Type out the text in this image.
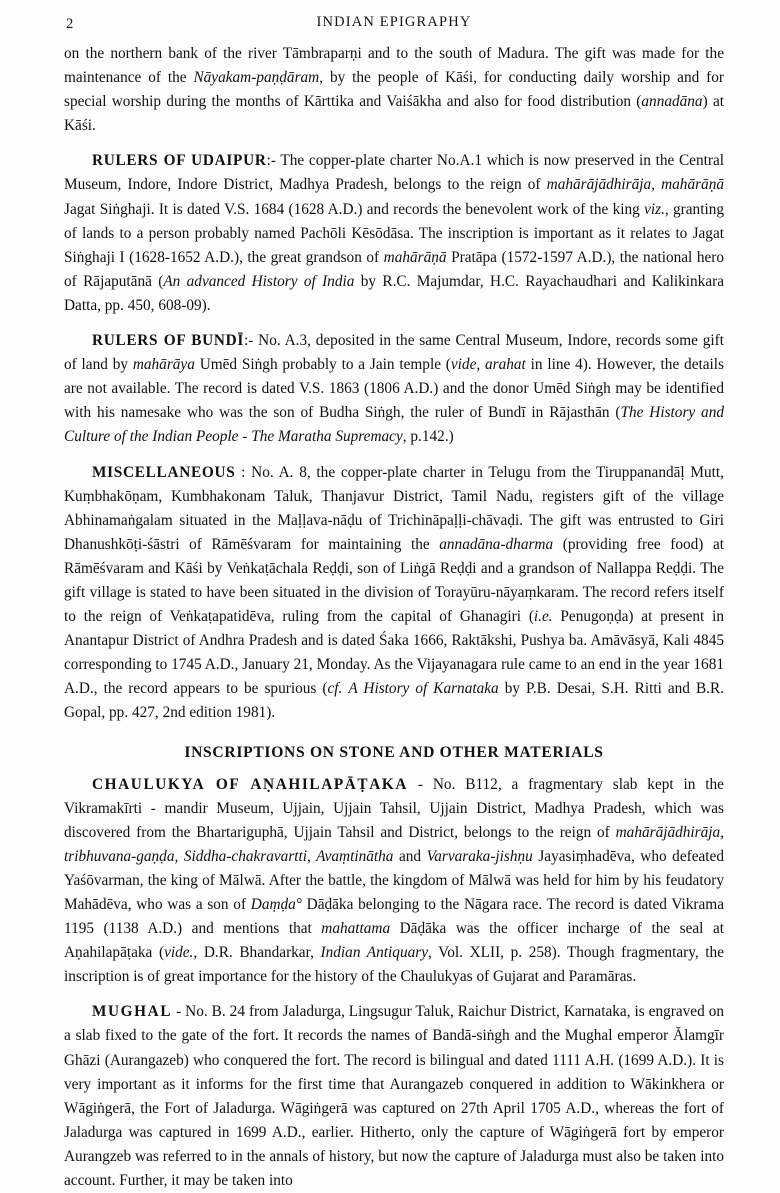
2	INDIAN EPIGRAPHY

on the northern bank of the river Tāmbraparṇi and to the south of Madura. The gift was made for the maintenance of the Nāyakam-paṇḍāram, by the people of Kāśi, for conducting daily worship and for special worship during the months of Kārttika and Vaiśākha and also for food distribution (annadāna) at Kāśi.

RULERS OF UDAIPUR:- The copper-plate charter No.A.1 which is now preserved in the Central Museum, Indore, Indore District, Madhya Pradesh, belongs to the reign of mahārājādhirāja, mahārāṇā Jagat Siṅghaji. It is dated V.S. 1684 (1628 A.D.) and records the benevolent work of the king viz., granting of lands to a person probably named Pachōli Kēsōdāsa. The inscription is important as it relates to Jagat Siṅghaji I (1628-1652 A.D.), the great grandson of mahārāṇā Pratāpa (1572-1597 A.D.), the national hero of Rājaputānā (An advanced History of India by R.C. Majumdar, H.C. Rayachaudhari and Kalikinkara Datta, pp. 450, 608-09).

RULERS OF BUNDĪ:- No. A.3, deposited in the same Central Museum, Indore, records some gift of land by mahārāya Umēd Siṅgh probably to a Jain temple (vide, arahat in line 4). However, the details are not available. The record is dated V.S. 1863 (1806 A.D.) and the donor Umēd Siṅgh may be identified with his namesake who was the son of Budha Siṅgh, the ruler of Bundī in Rājasthān (The History and Culture of the Indian People - The Maratha Supremacy, p.142.)

MISCELLANEOUS : No. A. 8, the copper-plate charter in Telugu from the Tiruppanandāḷ Mutt, Kuṃbhakōṇam, Kumbhakonam Taluk, Thanjavur District, Tamil Nadu, registers gift of the village Abhinamaṅgalam situated in the Maḷḷava-nāḍu of Trichināpaḷḷi-chāvaḍi. The gift was entrusted to Giri Dhanushkōṭi-śāstri of Rāmēśvaram for maintaining the annadāna-dharma (providing free food) at Rāmēśvaram and Kāśi by Veṅkaṭāchala Reḍḍi, son of Liṅgā Reḍḍi and a grandson of Nallappa Reḍḍi. The gift village is stated to have been situated in the division of Torayūru-nāyaṃkaram. The record refers itself to the reign of Veṅkaṭapatidēva, ruling from the capital of Ghanagiri (i.e. Penugoṇḍa) at present in Anantapur District of Andhra Pradesh and is dated Śaka 1666, Raktākshi, Pushya ba. Amāvāsyā, Kali 4845 corresponding to 1745 A.D., January 21, Monday. As the Vijayanagara rule came to an end in the year 1681 A.D., the record appears to be spurious (cf. A History of Karnataka by P.B. Desai, S.H. Ritti and B.R. Gopal, pp. 427, 2nd edition 1981).

INSCRIPTIONS ON STONE AND OTHER MATERIALS

CHAULUKYA OF AṆAHILAPĀṬAKA - No. B112, a fragmentary slab kept in the Vikramakīrti - mandir Museum, Ujjain, Ujjain Tahsil, Ujjain District, Madhya Pradesh, which was discovered from the Bhartariguphā, Ujjain Tahsil and District, belongs to the reign of mahārājādhirāja, tribhuvana-gaṇḍa, Siddha-chakravartti, Avaṃtinātha and Varvaraka-jishṇu Jayasiṃhadēva, who defeated Yaśōvarman, the king of Mālwā. After the battle, the kingdom of Mālwā was held for him by his feudatory Mahādēva, who was a son of Daṃḍa° Dāḍāka belonging to the Nāgara race. The record is dated Vikrama 1195 (1138 A.D.) and mentions that mahattama Dāḍāka was the officer incharge of the seal at Aṇahilapāṭaka (vide., D.R. Bhandarkar, Indian Antiquary, Vol. XLII, p. 258). Though fragmentary, the inscription is of great importance for the history of the Chaulukyas of Gujarat and Paramāras.

MUGHAL - No. B. 24 from Jaladurga, Lingsugur Taluk, Raichur District, Karnataka, is engraved on a slab fixed to the gate of the fort. It records the names of Bandā-siṅgh and the Mughal emperor Ălamgīr Ghāzi (Aurangazeb) who conquered the fort. The record is bilingual and dated 1111 A.H. (1699 A.D.). It is very important as it informs for the first time that Aurangazeb conquered in addition to Wākinkhera or Wāgiṅgerā, the Fort of Jaladurga. Wāgiṅgerā was captured on 27th April 1705 A.D., whereas the fort of Jaladurga was captured in 1699 A.D., earlier. Hitherto, only the capture of Wāgiṅgerā fort by emperor Aurangzeb was referred to in the annals of history, but now the capture of Jaladurga must also be taken into account. Further, it may be taken into
